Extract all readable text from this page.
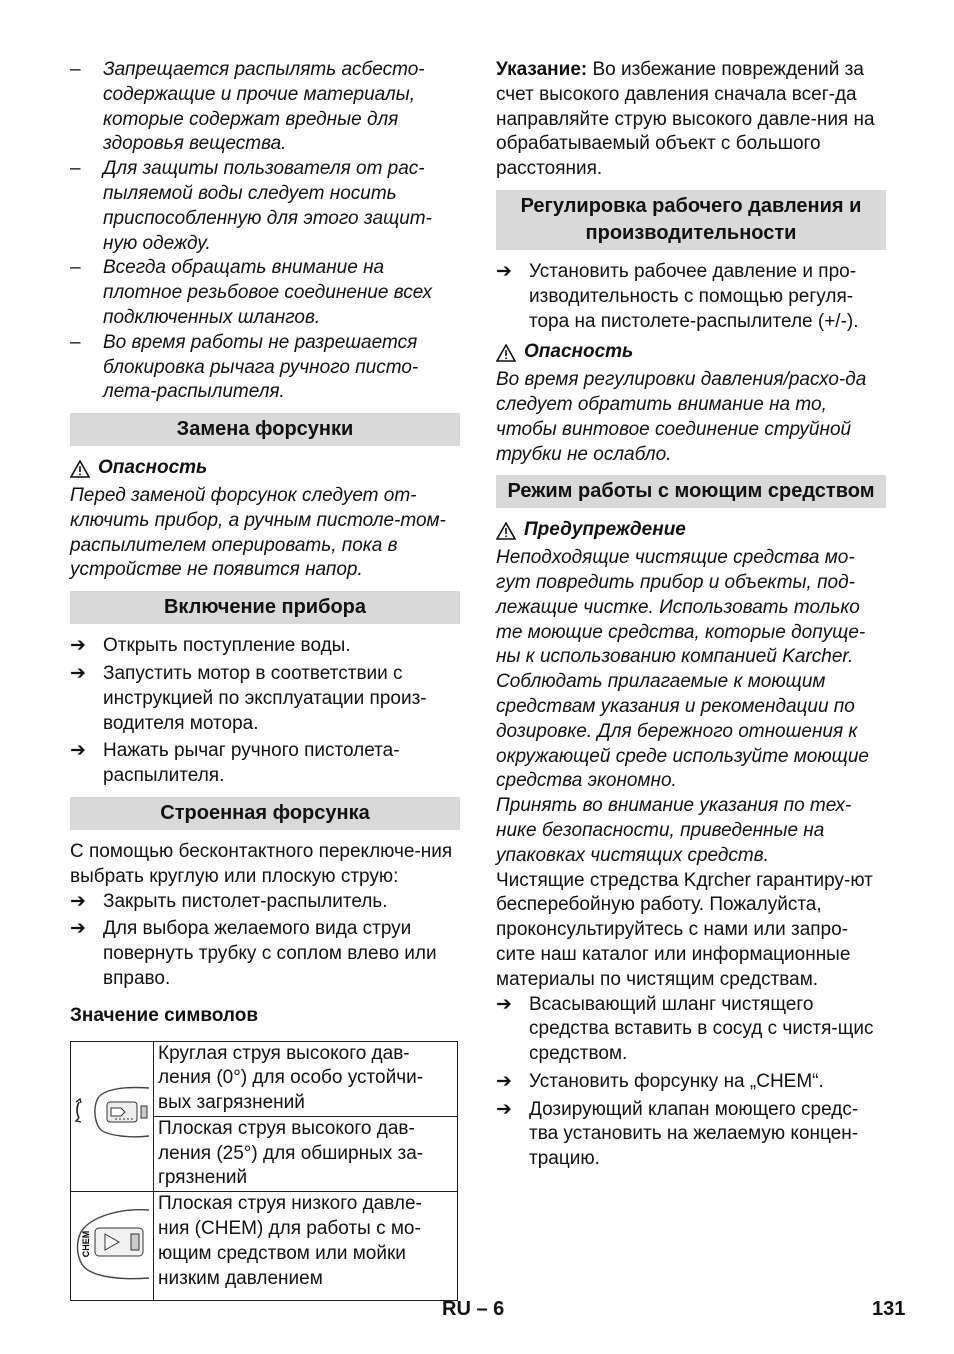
– Запрещается распылять асбесто-содержащие и прочие материалы, которые содержат вредные для здоровья вещества.
– Для защиты пользователя от рас-пыляемой воды следует носить приспособленную для этого защит-ную одежду.
– Всегда обращать внимание на плотное резьбовое соединение всех подключенных шлангов.
– Во время работы не разрешается блокировка рычага ручного писто-лета-распылителя.
Замена форсунки
Опасность
Перед заменой форсунок следует от-ключить прибор, а ручным пистоле-том-распылителем оперировать, пока в устройстве не появится напор.
Включение прибора
➔ Открыть поступление воды.
➔ Запустить мотор в соответствии с инструкцией по эксплуатации произ-водителя мотора.
➔ Нажать рычаг ручного пистолета-распылителя.
Строенная форсунка
С помощью бесконтактного переключе-ния выбрать круглую или плоскую струю:
➔ Закрыть пистолет-распылитель.
➔ Для выбора желаемого вида струи повернуть трубку с соплом влево или вправо.
Значение символов
	Круглая струя высокого дав-ления (0°) для особо устойчи-вых загрязнений
	Плоская струя высокого дав-ления (25°) для обширных за-грязнений

CHEM	Плоская струя низкого давле-ния (CHEM) для работы с мо-ющим средством или мойки низким давлением
Указание: Во избежание повреждений за счет высокого давления сначала всег-да направляйте струю высокого давле-ния на обрабатываемый объект с большого расстояния.
Регулировка рабочего давления и производительности
➔ Установить рабочее давление и про-изводительность с помощью регуля-тора на пистолете-распылителе (+/-).
Опасность
Во время регулировки давления/расхо-да следует обратить внимание на то, чтобы винтовое соединение струйной трубки не ослабло.
Режим работы с моющим средством
Предупреждение
Неподходящие чистящие средства мо-гут повредить прибор и объекты, под-лежащие чистке. Использовать только те моющие средства, которые допуще-ны к использованию компанией Karcher. Соблюдать прилагаемые к моющим средствам указания и рекомендации по дозировке. Для бережного отношения к окружающей среде используйте моющие средства экономно.
Принять во внимание указания по тех-нике безопасности, приведенные на упаковках чистящих средств.
Чистящие стредства Kдrcher гарантиру-ют бесперебойную работу. Пожалуйста, проконсультируйтесь с нами или запро-сите наш каталог или информационные материалы по чистящим средствам.
➔ Всасывающий шланг чистящего средства вставить в сосуд с чистя-щис средством.
➔ Установить форсунку на „CHEM“.
➔ Дозирующий клапан моющего средс-тва установить на желаемую концен-трацию.
RU – 6	131
